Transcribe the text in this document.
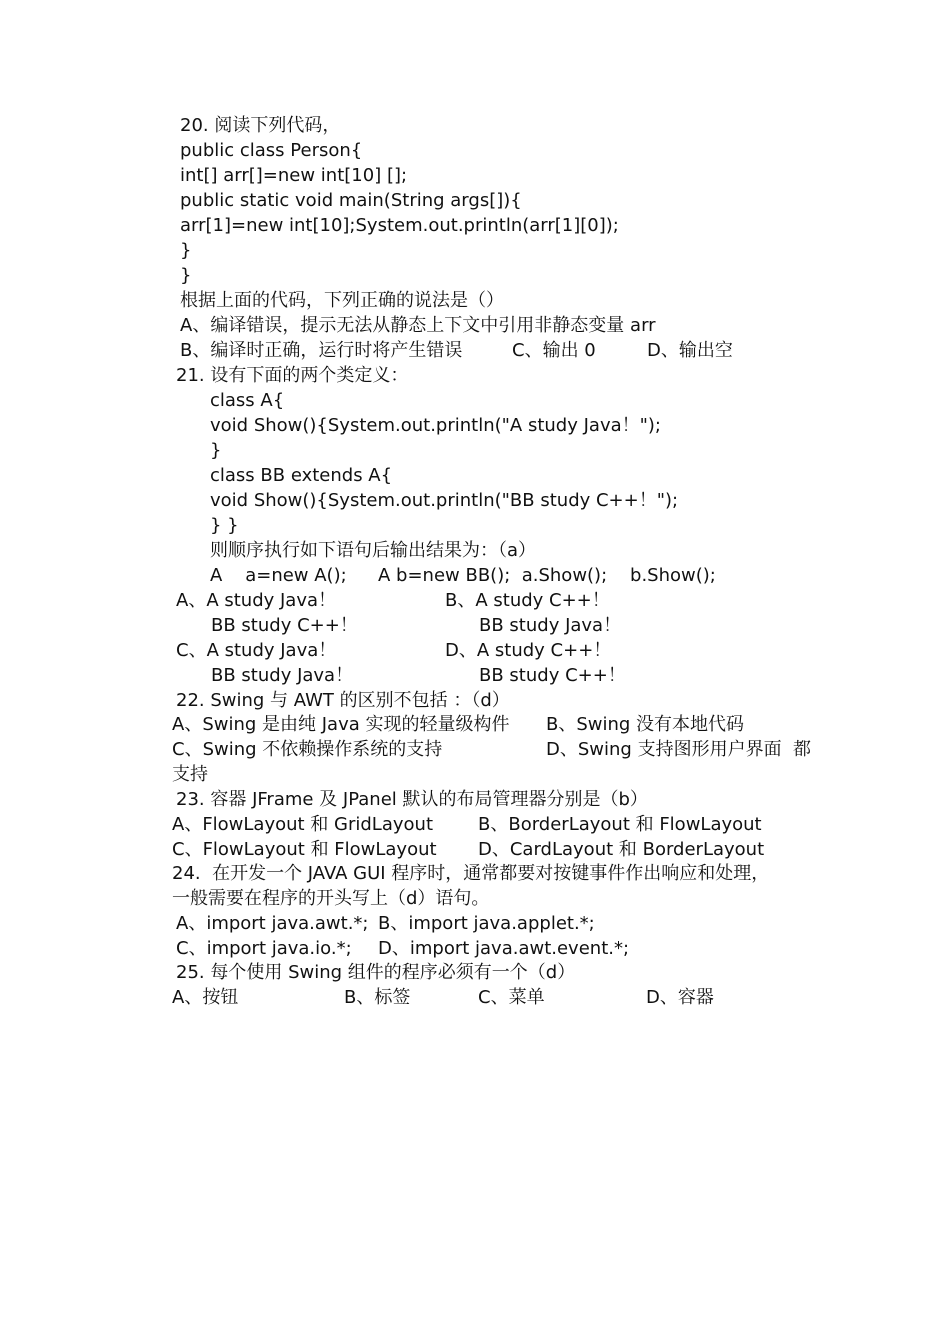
20. 阅读下列代码，
public class Person{
int[] arr[]=new int[10] [];
public static void main(String args[]){
arr[1]=new int[10];System.out.println(arr[1][0]);
}
}
根据上面的代码，下列正确的说法是（）
A、编译错误，提示无法从静态上下文中引用非静态变量 arr
B、编译时正确，运行时将产生错误	C、输出 0	D、输出空
21. 设有下面的两个类定义：
class A{
void Show(){System.out.println("A study Java！");
}
class BB extends A{
void Show(){System.out.println("BB study C++！");
} }
则顺序执行如下语句后输出结果为：（a）
A    a=new A(); A b=new BB();  a.Show();    b.Show();
A、A study Java！	B、A study C++！
BB study C++！	BB study Java！
C、A study Java！	D、A study C++！
BB study Java！	BB study C++！
22. Swing 与 AWT 的区别不包括 ：（d）
A、Swing 是由纯 Java 实现的轻量级构件 B、Swing 没有本地代码
C、Swing 不依赖操作系统的支持	D、Swing 支持图形用户界面  都
支持
23. 容器 JFrame 及 JPanel 默认的布局管理器分别是（b）
A、FlowLayout 和 GridLayout	B、BorderLayout 和 FlowLayout
C、FlowLayout 和 FlowLayout D、CardLayout 和 BorderLayout
24.  在开发一个 JAVA GUI 程序时，通常都要对按键事件作出响应和处理，
一般需要在程序的开头写上（d）语句。
A、import java.awt.*; B、import java.applet.*;
C、import java.io.*; D、import java.awt.event.*;
25. 每个使用 Swing 组件的程序必须有一个（d）
A、按钮	B、标签	C、菜单	D、容器
